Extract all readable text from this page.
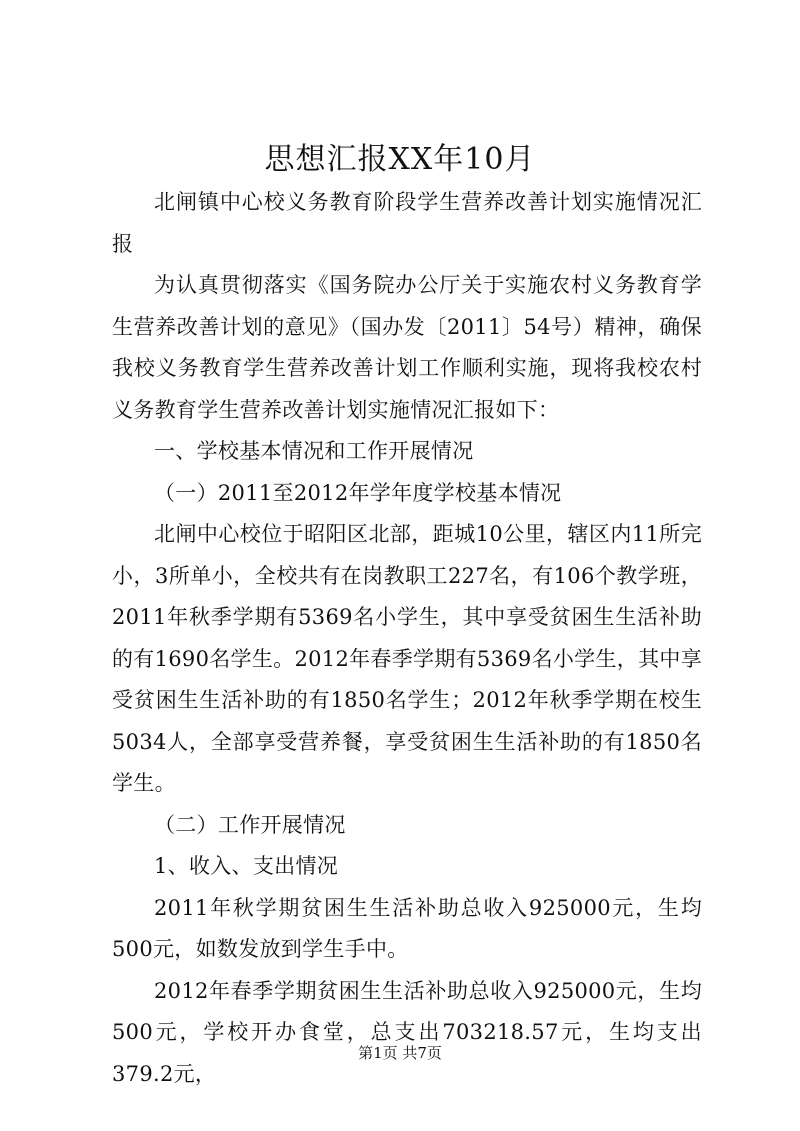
思想汇报XX年10月

北闸镇中心校义务教育阶段学生营养改善计划实施情况汇报

为认真贯彻落实《国务院办公厅关于实施农村义务教育学生营养改善计划的意见》（国办发〔2011〕54号）精神，确保我校义务教育学生营养改善计划工作顺利实施，现将我校农村义务教育学生营养改善计划实施情况汇报如下：

一、学校基本情况和工作开展情况

（一）2011至2012年学年度学校基本情况

北闸中心校位于昭阳区北部，距城10公里，辖区内11所完小，3所单小，全校共有在岗教职工227名，有106个教学班，2011年秋季学期有5369名小学生，其中享受贫困生生活补助的有1690名学生。2012年春季学期有5369名小学生，其中享受贫困生生活补助的有1850名学生；2012年秋季学期在校生5034人，全部享受营养餐，享受贫困生生活补助的有1850名学生。

（二）工作开展情况

1、收入、支出情况

2011年秋学期贫困生生活补助总收入925000元，生均500元，如数发放到学生手中。

2012年春季学期贫困生生活补助总收入925000元，生均500元，学校开办食堂，总支出703218.57元，生均支出379.2元，

第1页 共7页
